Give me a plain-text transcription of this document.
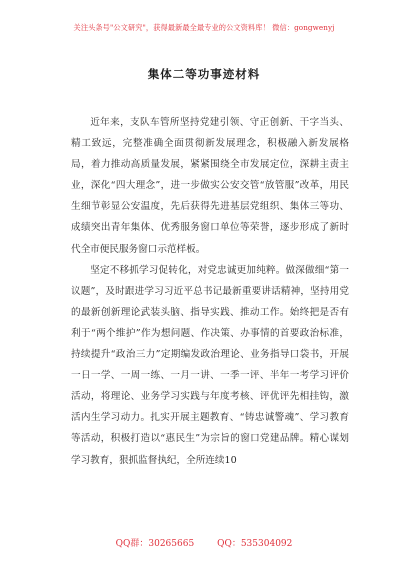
关注头条号"公文研究"，获得最新最全最专业的公文资料库！ 微信：gongwenyj
集体二等功事迹材料

近年来，支队车管所坚持党建引领、守正创新、干字当头、精工致远，完整准确全面贯彻新发展理念，积极融入新发展格局，着力推动高质量发展，紧紧围绕全市发展定位，深耕主责主业，深化“四大理念”，进一步做实公安交管“放管服”改革，用民生细节彰显公安温度，先后获得先进基层党组织、集体三等功、成绩突出青年集体、优秀服务窗口单位等荣誉，逐步形成了新时代全市便民服务窗口示范样板。

坚定不移抓学习促转化，对党忠诚更加纯粹。做深做细“第一议题”，及时跟进学习习近平总书记最新重要讲话精神，坚持用党的最新创新理论武装头脑、指导实践、推动工作。始终把是否有利于“两个维护”作为想问题、作决策、办事情的首要政治标准，持续提升“政治三力”定期编发政治理论、业务指导口袋书，开展一日一学、一周一练、一月一讲、一季一评、半年一考学习评价活动，将理论、业务学习实践与年度考核、评优评先相挂钩，激活内生学习动力。扎实开展主题教育、“铸忠诚警魂”、学习教育等活动，积极打造以“惠民生”为宗旨的窗口党建品牌。精心谋划学习教育，狠抓监督执纪，全所连续10

QQ群：30265665	QQ：535304092
